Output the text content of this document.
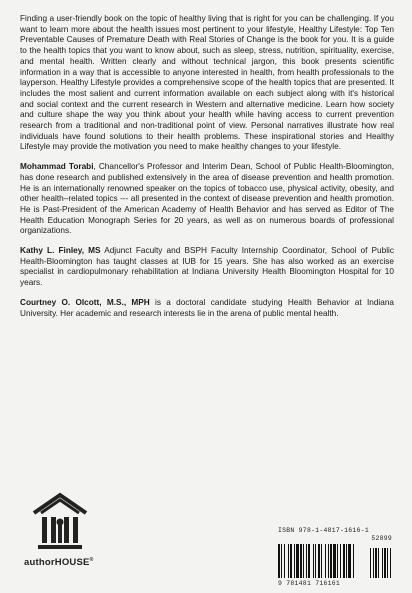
Finding a user-friendly book on the topic of healthy living that is right for you can be challenging. If you want to learn more about the health issues most pertinent to your lifestyle, Healthy Lifestyle: Top Ten Preventable Causes of Premature Death with Real Stories of Change is the book for you. It is a guide to the health topics that you want to know about, such as sleep, stress, nutrition, spirituality, exercise, and mental health. Written clearly and without technical jargon, this book presents scientific information in a way that is accessible to anyone interested in health, from health professionals to the layperson. Healthy Lifestyle provides a comprehensive scope of the health topics that are presented. It includes the most salient and current information available on each subject along with it's historical and social context and the current research in Western and alternative medicine. Learn how society and culture shape the way you think about your health while having access to current prevention research from a traditional and non-traditional point of view. Personal narratives illustrate how real individuals have found solutions to their health problems. These inspirational stories and Healthy Lifestyle may provide the motivation you need to make healthy changes to your lifestyle.

Mohammad Torabi, Chancellor's Professor and Interim Dean, School of Public Health-Bloomington, has done research and published extensively in the area of disease prevention and health promotion. He is an internationally renowned speaker on the topics of tobacco use, physical activity, obesity, and other health–related topics --- all presented in the context of disease prevention and health promotion. He is Past-President of the American Academy of Health Behavior and has served as Editor of The Health Education Monograph Series for 20 years, as well as on numerous boards of professional organizations.

Kathy L. Finley, MS Adjunct Faculty and BSPH Faculty Internship Coordinator, School of Public Health-Bloomington has taught classes at IUB for 15 years. She has also worked as an exercise specialist in cardiopulmonary rehabilitation at Indiana University Health Bloomington Hospital for 10 years.

Courtney O. Olcott, M.S., MPH is a doctoral candidate studying Health Behavior at Indiana University. Her academic and research interests lie in the arena of public mental health.

authorHOUSE®
ISBN 978-1-4817-1616-1
52899
9 781481 716161
